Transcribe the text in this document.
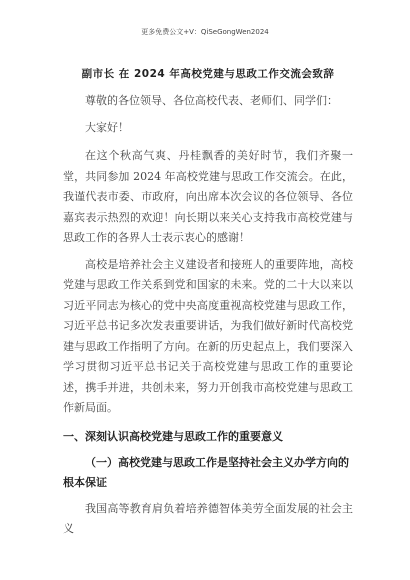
更多免费公文+V：QiSeGongWen2024
副市长 在 2024 年高校党建与思政工作交流会致辞

尊敬的各位领导、各位高校代表、老师们、同学们：

大家好！

在这个秋高气爽、丹桂飘香的美好时节，我们齐聚一堂，共同参加 2024 年高校党建与思政工作交流会。在此，我谨代表市委、市政府，向出席本次会议的各位领导、各位嘉宾表示热烈的欢迎！向长期以来关心支持我市高校党建与思政工作的各界人士表示衷心的感谢！

高校是培养社会主义建设者和接班人的重要阵地，高校党建与思政工作关系到党和国家的未来。党的二十大以来以习近平同志为核心的党中央高度重视高校党建与思政工作，习近平总书记多次发表重要讲话，为我们做好新时代高校党建与思政工作指明了方向。在新的历史起点上，我们要深入学习贯彻习近平总书记关于高校党建与思政工作的重要论述，携手并进，共创未来，努力开创我市高校党建与思政工作新局面。

一、深刻认识高校党建与思政工作的重要意义
（一）高校党建与思政工作是坚持社会主义办学方向的根本保证

我国高等教育肩负着培养德智体美劳全面发展的社会主义
